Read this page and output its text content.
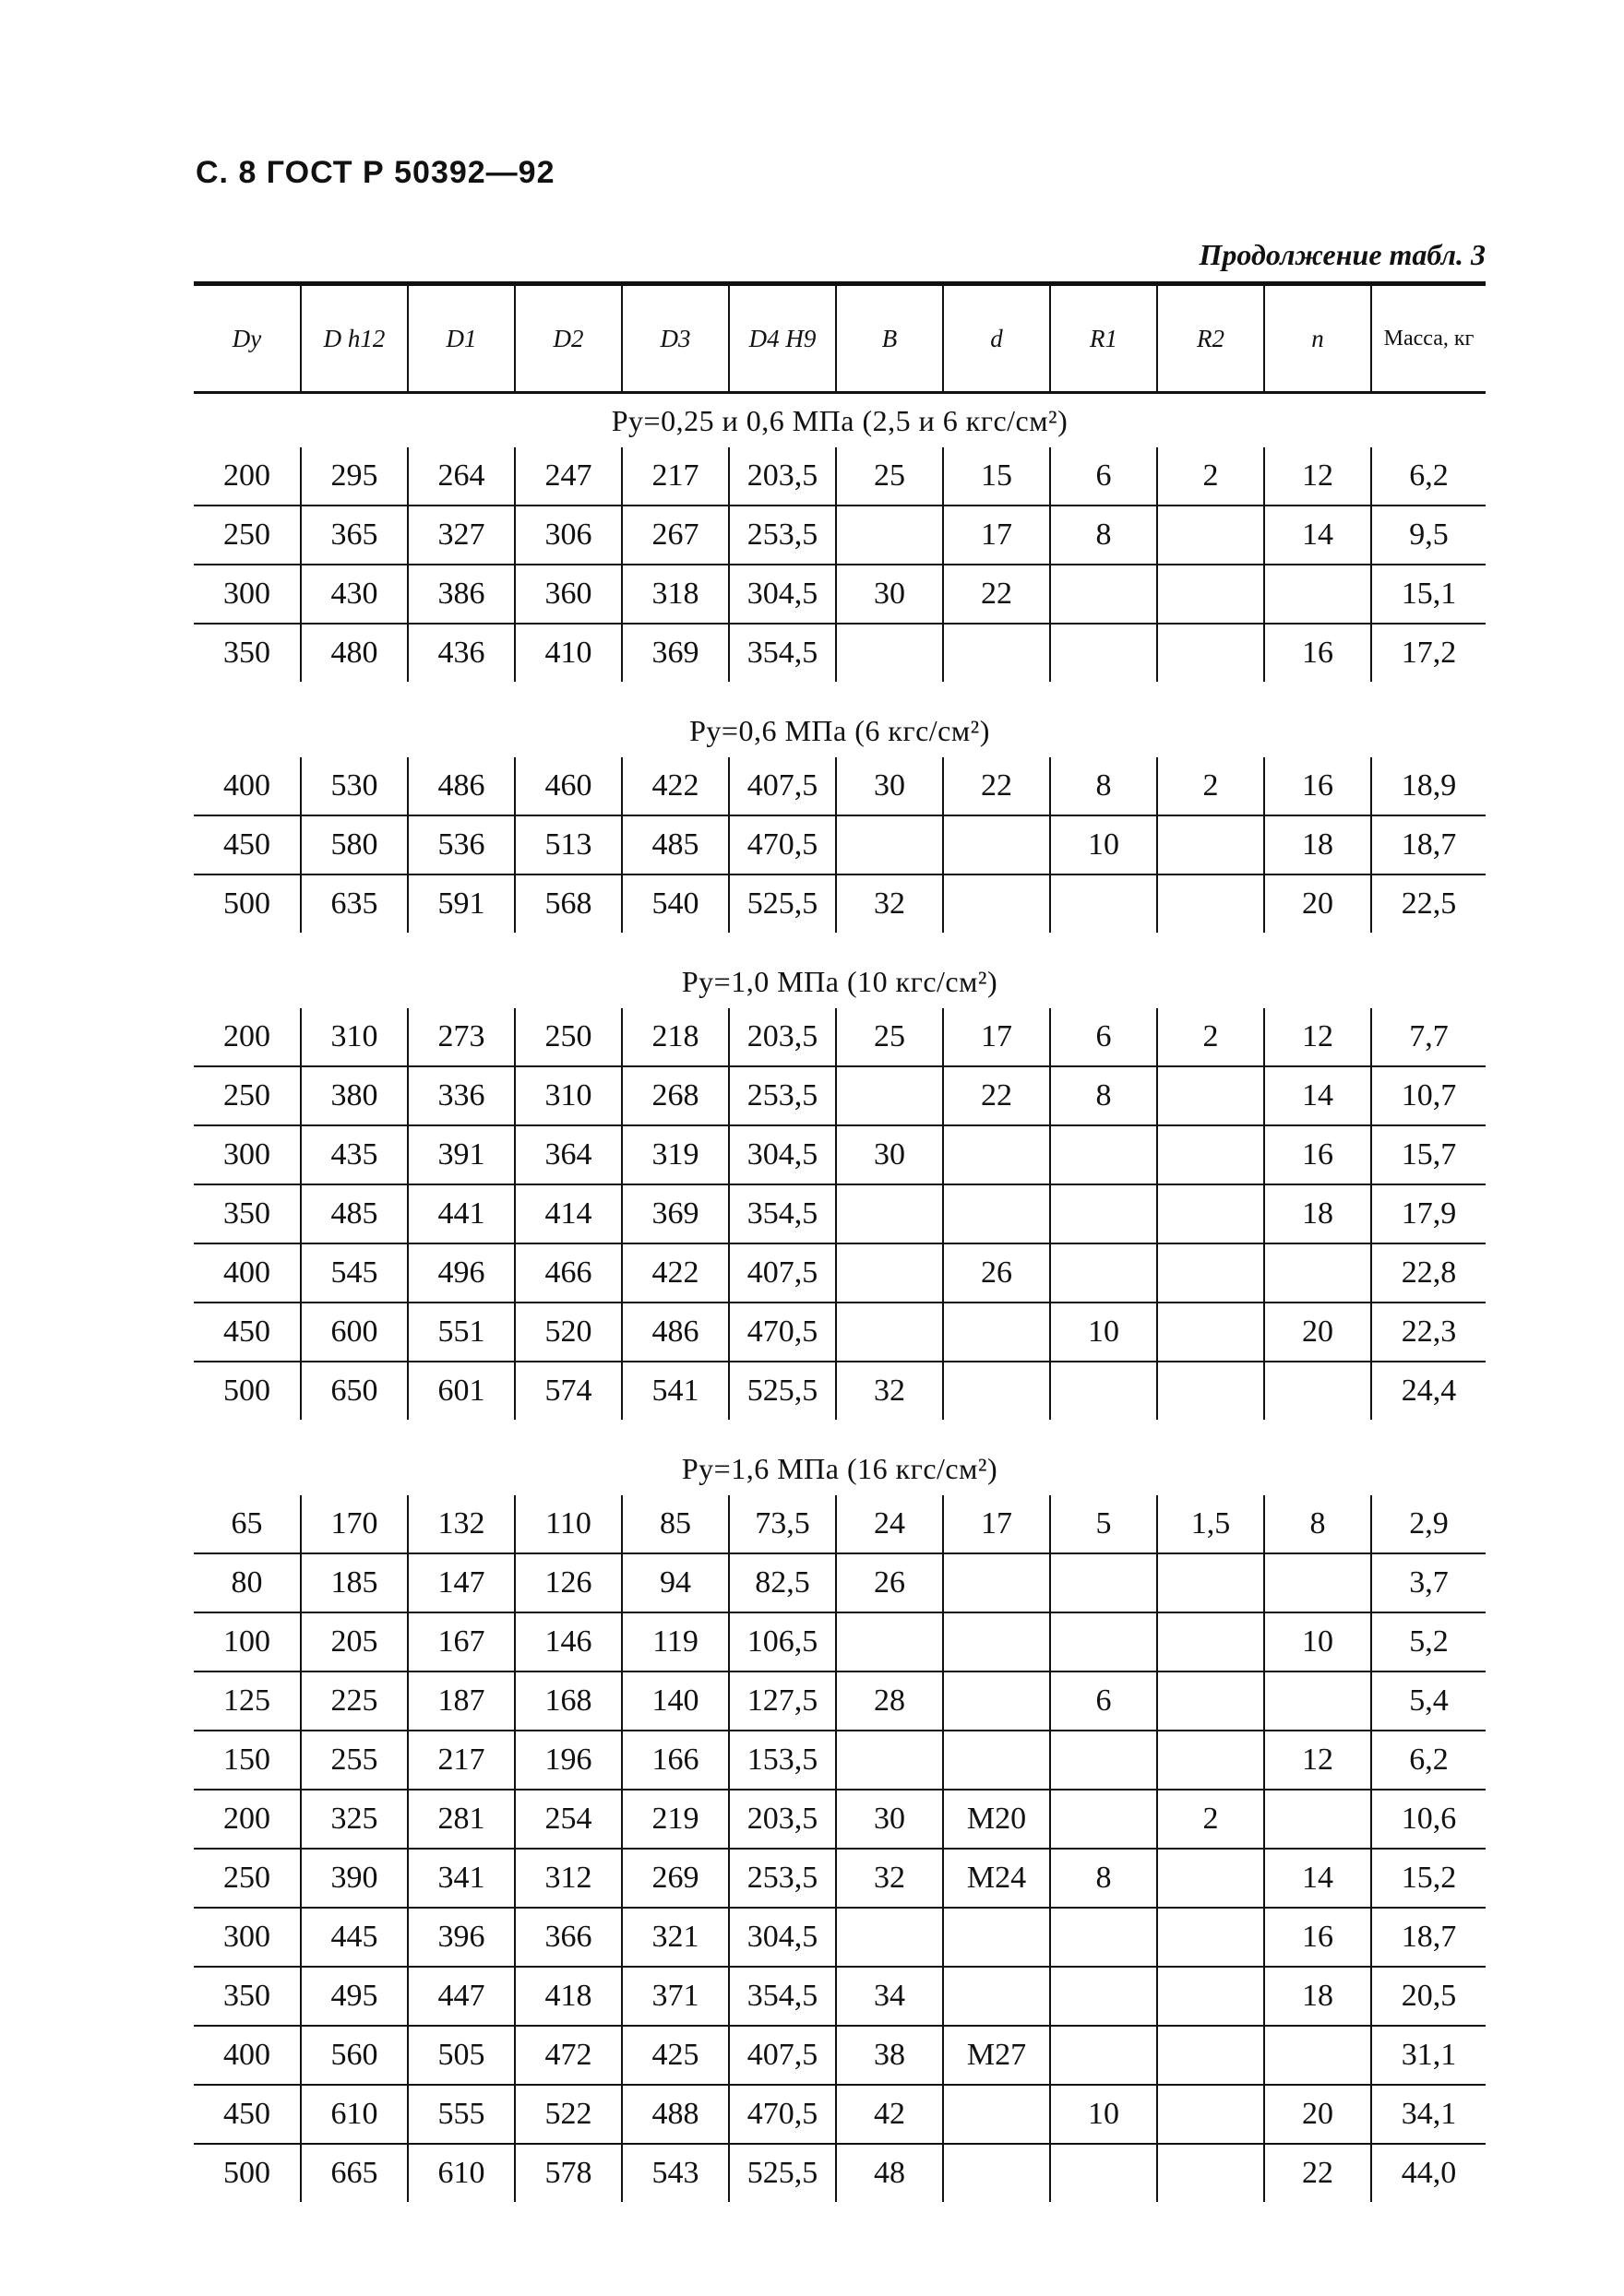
С. 8 ГОСТ Р 50392—92
Продолжение табл. 3
Dy	D h12	D1	D2	D3	D4 H9	B	d	R1	R2	n	Масса, кг
Pу=0,25 и 0,6 МПа (2,5 и 6 кгс/см²)											
200	295	264	247	217	203,5	25	15	6	2	12	6,2
250	365	327	306	267	253,5		17	8		14	9,5
300	430	386	360	318	304,5	30	22				15,1
350	480	436	410	369	354,5					16	17,2

Pу=0,6 МПа (6 кгс/см²)											
400	530	486	460	422	407,5	30	22	8	2	16	18,9
450	580	536	513	485	470,5			10		18	18,7
500	635	591	568	540	525,5	32				20	22,5

Pу=1,0 МПа (10 кгс/см²)											
200	310	273	250	218	203,5	25	17	6	2	12	7,7
250	380	336	310	268	253,5		22	8		14	10,7
300	435	391	364	319	304,5	30				16	15,7
350	485	441	414	369	354,5					18	17,9
400	545	496	466	422	407,5		26				22,8
450	600	551	520	486	470,5			10		20	22,3
500	650	601	574	541	525,5	32					24,4

Pу=1,6 МПа (16 кгс/см²)											
65	170	132	110	85	73,5	24	17	5	1,5	8	2,9
80	185	147	126	94	82,5	26					3,7
100	205	167	146	119	106,5					10	5,2
125	225	187	168	140	127,5	28		6			5,4
150	255	217	196	166	153,5					12	6,2
200	325	281	254	219	203,5	30	M20		2		10,6
250	390	341	312	269	253,5	32	M24	8		14	15,2
300	445	396	366	321	304,5					16	18,7
350	495	447	418	371	354,5	34				18	20,5
400	560	505	472	425	407,5	38	M27				31,1
450	610	555	522	488	470,5	42		10		20	34,1
500	665	610	578	543	525,5	48				22	44,0
